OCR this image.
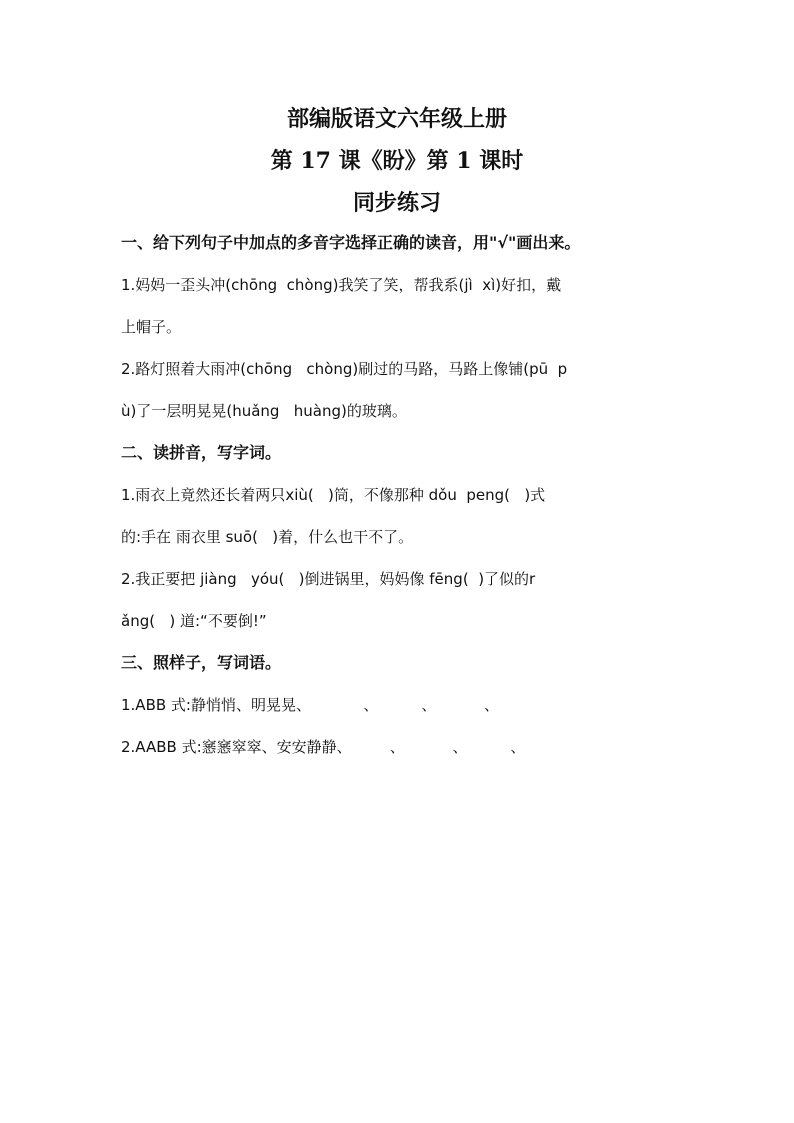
部编版语文六年级上册
第 17 课《盼》第 1 课时
同步练习

一、给下列句子中加点的多音字选择正确的读音，用"√"画出来。

1.妈妈一歪头冲(chōng  chòng)我笑了笑，帮我系(jì  xì)好扣，戴

上帽子。

2.路灯照着大雨冲(chōng   chòng)刷过的马路，马路上像铺(pū  p

ù)了一层明晃晃(huǎng   huàng)的玻璃。

二、读拼音，写字词。

1.雨衣上竟然还长着两只xiù(   )筒，不像那种 dǒu  peng(   )式

的:手在 雨衣里 suō(   )着，什么也干不了。

2.我正要把 jiàng   yóu(   )倒进锅里，妈妈像 fēng(  )了似的r

ǎng(   ) 道:“不要倒!”

三、照样子，写词语。

1.ABB 式:静悄悄、明晃晃、           、         、          、

2.AABB 式:窸窸窣窣、安安静静、        、          、         、
